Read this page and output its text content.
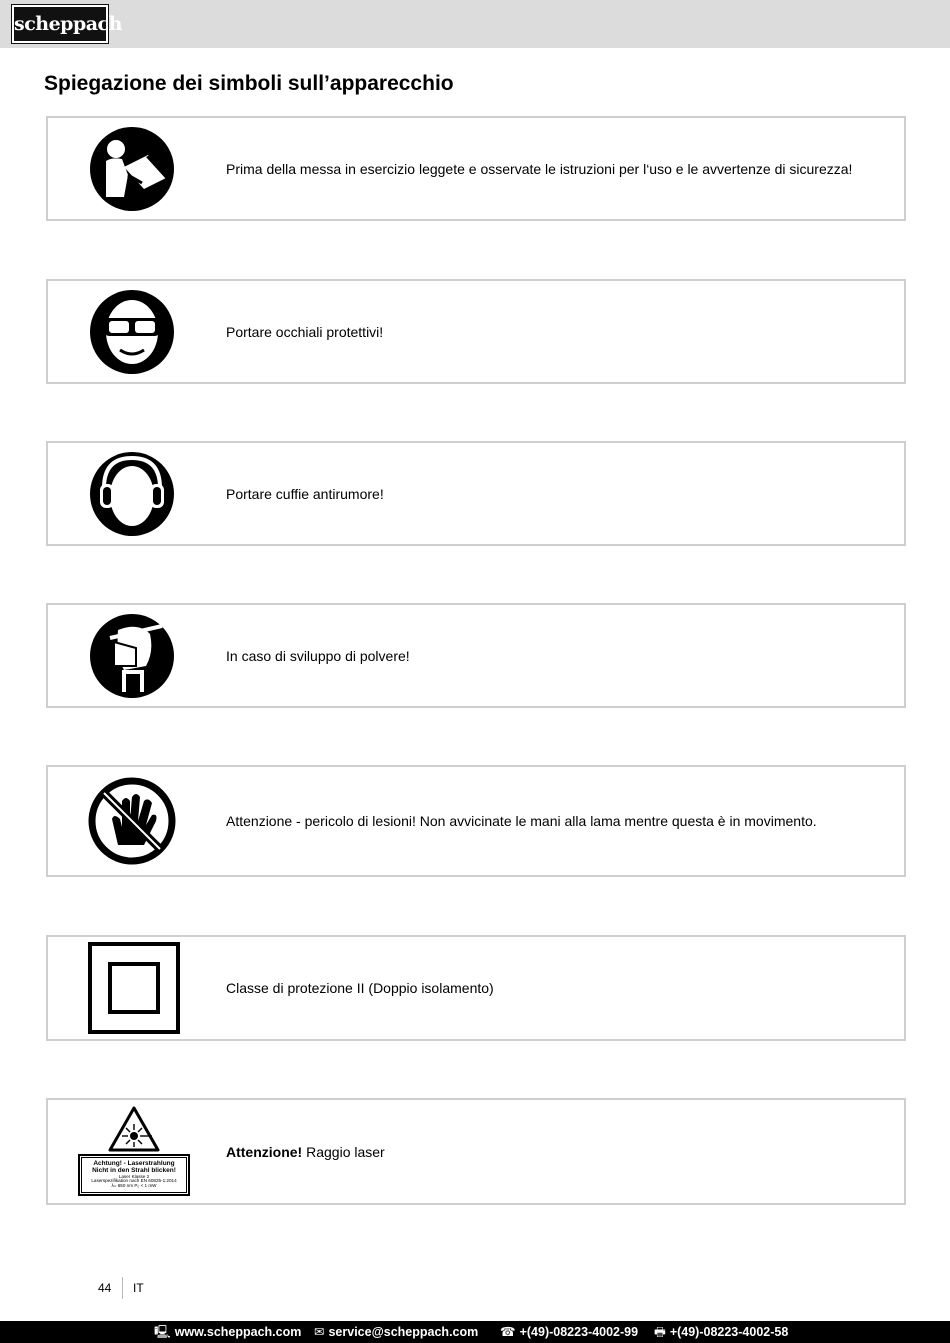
scheppach
Spiegazione dei simboli sull’apparecchio
Prima della messa in esercizio leggete e osservate le istruzioni per l‘uso e le avvertenze di sicurezza!
Portare occhiali protettivi!
Portare cuffie antirumore!
In caso di sviluppo di polvere!
Attenzione - pericolo di lesioni! Non avvicinate le mani alla lama mentre questa è in movimento.
Classe di protezione II (Doppio isolamento)
Achtung! - Laserstrahlung
Nicht in den Strahl blicken!
Laser Klasse 2
Laserspezifikation nach EN 60825-1:2014
λ= 650 nm P₀ < 1 mW
Attenzione! Raggio laser
44 IT
🖳 www.scheppach.com ✉ service@scheppach.com ☎ +(49)-08223-4002-99 🖶 +(49)-08223-4002-58
